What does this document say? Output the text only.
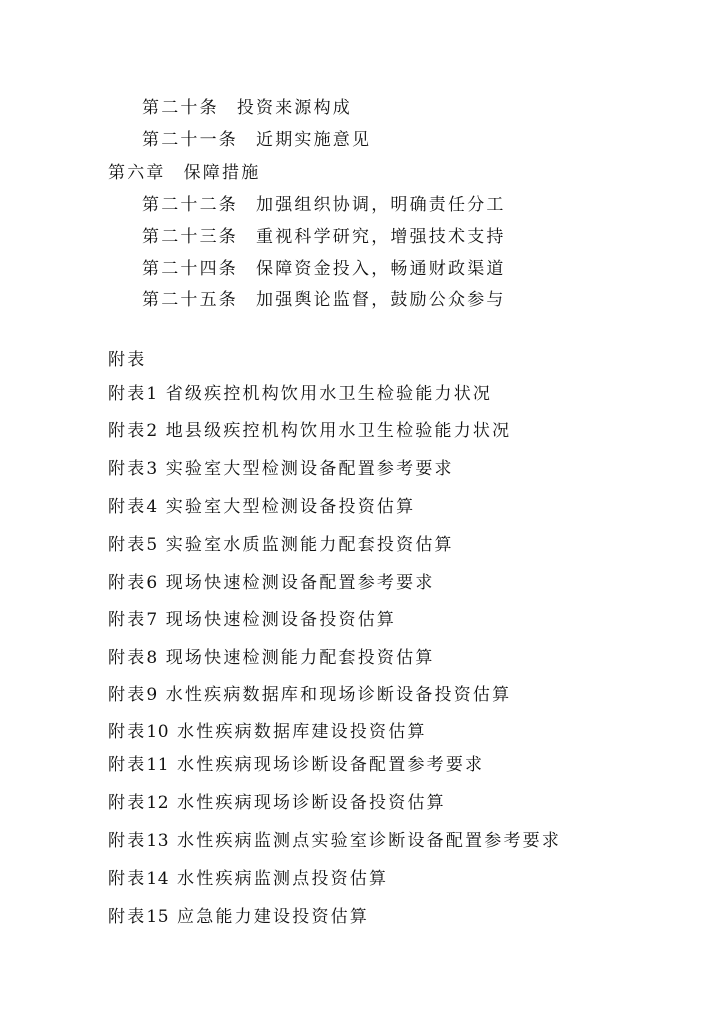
第二十条 投资来源构成
第二十一条 近期实施意见
第六章 保障措施
第二十二条 加强组织协调，明确责任分工
第二十三条 重视科学研究，增强技术支持
第二十四条 保障资金投入，畅通财政渠道
第二十五条 加强舆论监督，鼓励公众参与
附表
附表1 省级疾控机构饮用水卫生检验能力状况
附表2 地县级疾控机构饮用水卫生检验能力状况
附表3 实验室大型检测设备配置参考要求
附表4 实验室大型检测设备投资估算
附表5 实验室水质监测能力配套投资估算
附表6 现场快速检测设备配置参考要求
附表7 现场快速检测设备投资估算
附表8 现场快速检测能力配套投资估算
附表9 水性疾病数据库和现场诊断设备投资估算
附表10 水性疾病数据库建设投资估算
附表11 水性疾病现场诊断设备配置参考要求
附表12 水性疾病现场诊断设备投资估算
附表13 水性疾病监测点实验室诊断设备配置参考要求
附表14 水性疾病监测点投资估算
附表15 应急能力建设投资估算
